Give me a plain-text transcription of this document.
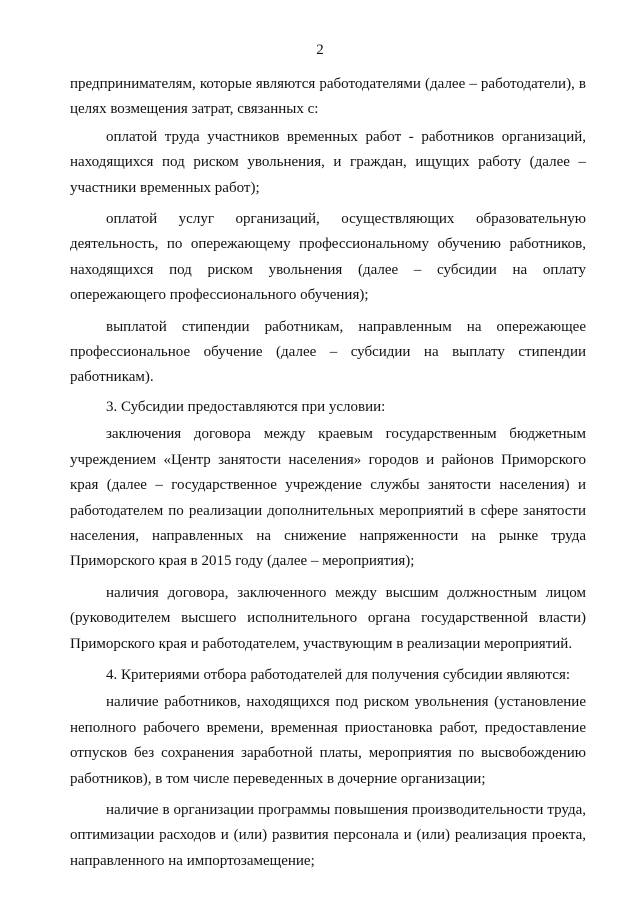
2

предпринимателям, которые являются работодателями (далее – работодатели), в целях возмещения затрат, связанных с:

оплатой труда участников временных работ - работников организаций, находящихся под риском увольнения, и граждан, ищущих работу (далее – участники временных работ);

оплатой услуг организаций, осуществляющих образовательную деятельность, по опережающему профессиональному обучению работников, находящихся под риском увольнения (далее – субсидии на оплату опережающего профессионального обучения);

выплатой стипендии работникам, направленным на опережающее профессиональное обучение (далее – субсидии на выплату стипендии работникам).

3. Субсидии предоставляются при условии:

заключения договора между краевым государственным бюджетным учреждением «Центр занятости населения» городов и районов Приморского края (далее – государственное учреждение службы занятости населения) и работодателем по реализации дополнительных мероприятий в сфере занятости населения, направленных на снижение напряженности на рынке труда Приморского края в 2015 году (далее – мероприятия);

наличия договора, заключенного между высшим должностным лицом (руководителем высшего исполнительного органа государственной власти) Приморского края и работодателем, участвующим в реализации мероприятий.

4. Критериями отбора работодателей для получения субсидии являются:

наличие работников, находящихся под риском увольнения (установление неполного рабочего времени, временная приостановка работ, предоставление отпусков без сохранения заработной платы, мероприятия по высвобождению работников), в том числе переведенных в дочерние организации;

наличие в организации программы повышения производительности труда, оптимизации расходов и (или) развития персонала и (или) реализация проекта, направленного на импортозамещение;
